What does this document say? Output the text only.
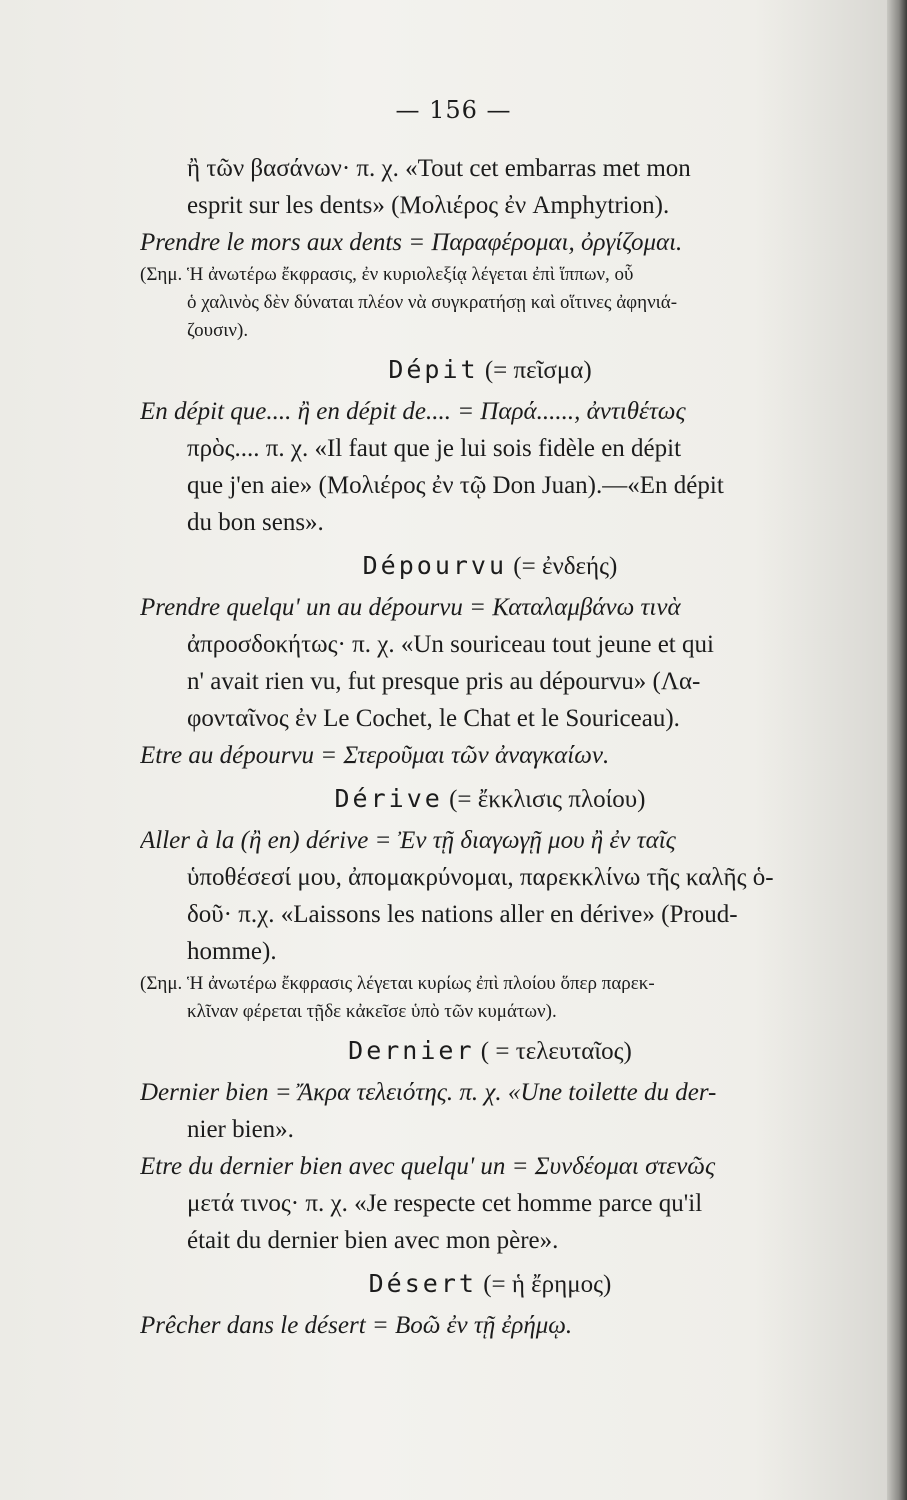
— 156 —
ἢ τῶν βασάνων· π. χ. «Tout cet embarras met mon
esprit sur les dents» (Μολιέρος ἐν Amphytrion).
Prendre le mors aux dents = Παραφέρομαι, ὀργίζομαι.
(Σημ. Ἡ ἀνωτέρω ἔκφρασις, ἐν κυριολεξίᾳ λέγεται ἐπὶ ἵππων, οὗ
ὁ χαλινὸς δὲν δύναται πλέον νὰ συγκρατήσῃ καὶ οἵτινες ἀφηνιά-
ζουσιν).
Dépit (= πεῖσμα)
En dépit que.... ἢ en dépit de.... = Παρά......, ἀντιθέτως
πρὸς.... π. χ. «Il faut que je lui sois fidèle en dépit
que j'en aie» (Μολιέρος ἐν τῷ Don Juan).—«En dépit
du bon sens».
Dépourvu (= ἐνδεής)
Prendre quelqu' un au dépourvu = Καταλαμβάνω τινὰ
ἀπροσδοκήτως· π. χ. «Un souriceau tout jeune et qui
n' avait rien vu, fut presque pris au dépourvu» (Λα-
φονταῖνος ἐν Le Cochet, le Chat et le Souriceau).
Etre au dépourvu = Στεροῦμαι τῶν ἀναγκαίων.
Dérive (= ἔκκλισις πλοίου)
Aller à la (ἢ en) dérive = Ἐν τῇ διαγωγῇ μου ἢ ἐν ταῖς
ὑποθέσεσί μου, ἀπομακρύνομαι, παρεκκλίνω τῆς καλῆς ὁ-
δοῦ· π.χ. «Laissons les nations aller en dérive» (Proud-
homme).
(Σημ. Ἡ ἀνωτέρω ἔκφρασις λέγεται κυρίως ἐπὶ πλοίου ὅπερ παρεκ-
κλῖναν φέρεται τῇδε κἀκεῖσε ὑπὸ τῶν κυμάτων).
Dernier ( = τελευταῖος)
Dernier bien = Ἄκρα τελειότης. π. χ. «Une toilette du der-
nier bien».
Etre du dernier bien avec quelqu' un = Συνδέομαι στενῶς
μετά τινος· π. χ. «Je respecte cet homme parce qu'il
était du dernier bien avec mon père».
Désert (= ἡ ἔρημος)
Prêcher dans le désert = Βοῶ ἐν τῇ ἐρήμῳ.
